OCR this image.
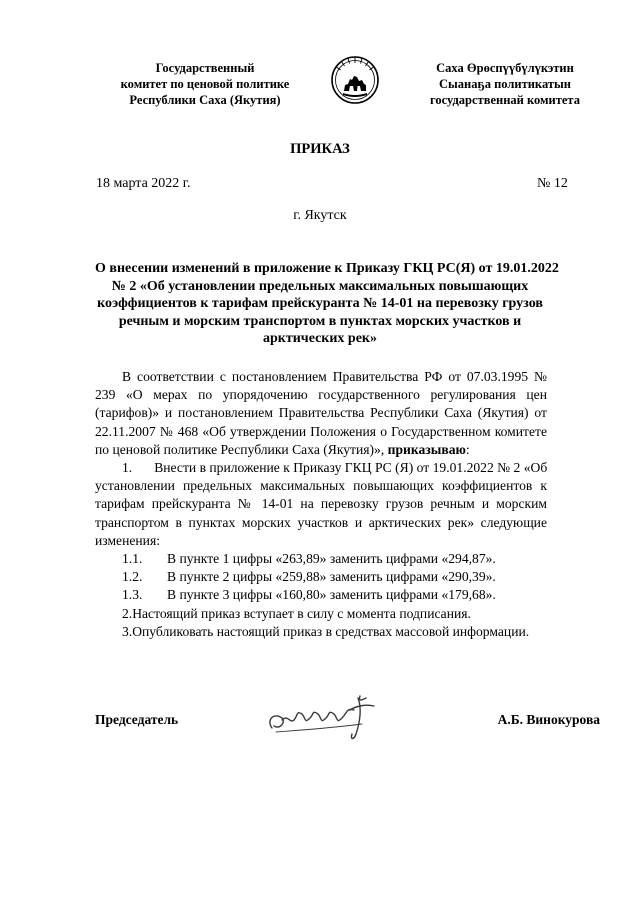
Государственный
комитет по ценовой политике
Республики Саха (Якутия)
Саха Өрөспүүбүлүкэтин
Сыанаҕа политикатын
государственнай комитета
ПРИКАЗ
18 марта 2022 г.	№ 12
г. Якутск
О внесении изменений в приложение к Приказу ГКЦ РС(Я) от 19.01.2022
№ 2 «Об установлении предельных максимальных повышающих
коэффициентов к тарифам прейскуранта № 14-01 на перевозку грузов
речным и морским транспортом в пунктах морских участков и
арктических рек»

В соответствии с постановлением Правительства РФ от 07.03.1995 № 239 «О мерах по упорядочению государственного регулирования цен (тарифов)» и постановлением Правительства Республики Саха (Якутия) от 22.11.2007 № 468 «Об утверждении Положения о Государственном комитете по ценовой политике Республики Саха (Якутия)», приказываю:

1.	Внести в приложение к Приказу ГКЦ РС (Я) от 19.01.2022 № 2 «Об

установлении предельных максимальных повышающих коэффициентов к тарифам прейскуранта № 14-01 на перевозку грузов речным и морским транспортом в пунктах морских участков и арктических рек» следующие изменения:

1.1.	В пункте 1 цифры «263,89» заменить цифрами «294,87».
1.2.	В пункте 2 цифры «259,88» заменить цифрами «290,39».
1.3.	В пункте 3 цифры «160,80» заменить цифрами «179,68».
2.Настоящий приказ вступает в силу с момента подписания.
3.Опубликовать настоящий приказ в средствах массовой информации.
Председатель	А.Б. Винокурова
